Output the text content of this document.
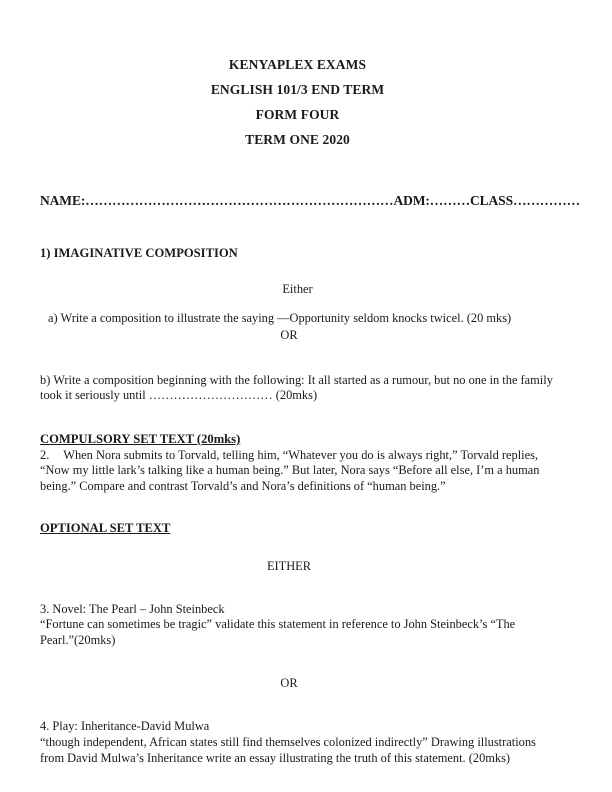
KENYAPLEX EXAMS
ENGLISH 101/3 END TERM
FORM FOUR
TERM ONE 2020
NAME:……………………………………………………………ADM:………CLASS……………
1) IMAGINATIVE COMPOSITION
Either
a) Write a composition to illustrate the saying ―Opportunity seldom knocks twicel. (20 mks)
OR
b) Write a composition beginning with the following: It all started as a rumour, but no one in the family
took it seriously until ………………………… (20mks)
COMPULSORY SET TEXT (20mks)
2. When Nora submits to Torvald, telling him, “Whatever you do is always right,” Torvald replies,
“Now my little lark’s talking like a human being.” But later, Nora says “Before all else, I’m a human
being.” Compare and contrast Torvald’s and Nora’s definitions of “human being.”
OPTIONAL SET TEXT
EITHER
3. Novel: The Pearl – John Steinbeck
“Fortune can sometimes be tragic” validate this statement in reference to John Steinbeck’s “The
Pearl.”(20mks)
OR
4. Play: Inheritance-David Mulwa
“though independent, African states still find themselves colonized indirectly” Drawing illustrations
from David Mulwa’s Inheritance write an essay illustrating the truth of this statement. (20mks)
